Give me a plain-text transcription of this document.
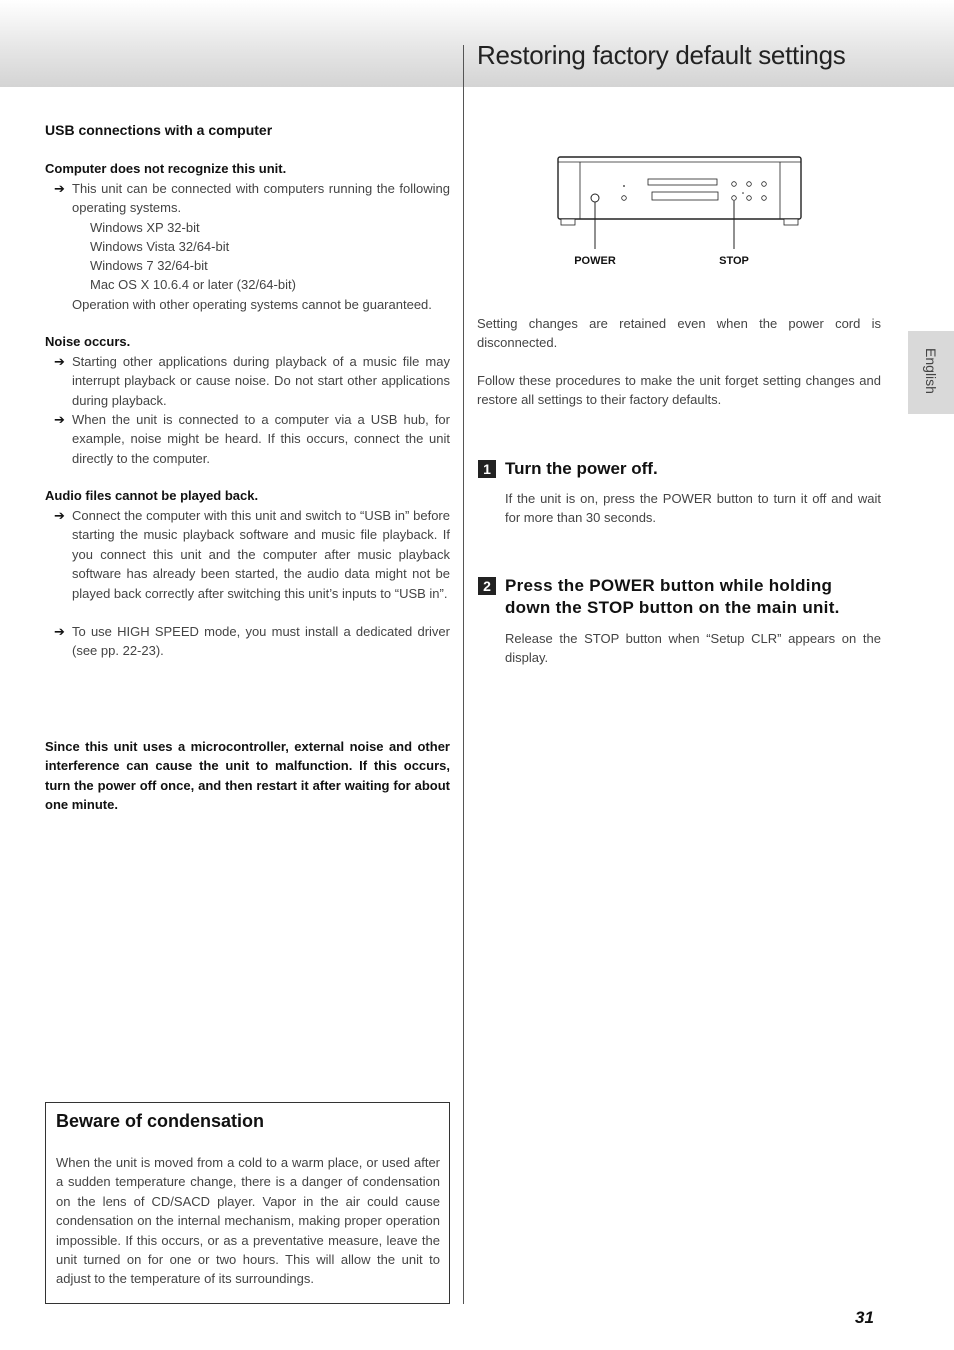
Restoring factory default settings
English
USB connections with a computer
Computer does not recognize this unit.
➔ This unit can be connected with computers running the following operating systems.
Windows XP 32-bit
Windows Vista 32/64-bit
Windows 7 32/64-bit
Mac OS X 10.6.4 or later (32/64-bit)
Operation with other operating systems cannot be guaranteed.
Noise occurs.
➔ Starting other applications during playback of a music file may interrupt playback or cause noise. Do not start other applications during playback.
➔ When the unit is connected to a computer via a USB hub, for example, noise might be heard. If this occurs, connect the unit directly to the computer.
Audio files cannot be played back.
➔ Connect the computer with this unit and switch to “USB in” before starting the music playback software and music file playback. If you connect this unit and the computer after music playback software has already been started, the audio data might not be played back correctly after switching this unit’s inputs to “USB in”.
➔ To use HIGH SPEED mode, you must install a dedicated driver (see pp. 22-23).
Since this unit uses a microcontroller, external noise and other interference can cause the unit to malfunction. If this occurs, turn the power off once, and then restart it after waiting for about one minute.
Beware of condensation
When the unit is moved from a cold to a warm place, or used after a sudden temperature change, there is a danger of condensation on the lens of CD/SACD player. Vapor in the air could cause condensation on the internal mechanism, making proper operation impossible. If this occurs, or as a preventative measure, leave the unit turned on for one or two hours. This will allow the unit to adjust to the temperature of its surroundings.
POWER	STOP
Setting changes are retained even when the power cord is disconnected.
Follow these procedures to make the unit forget setting changes and restore all settings to their factory defaults.
1 Turn the power off.
If the unit is on, press the POWER button to turn it off and wait for more than 30 seconds.
2 Press the POWER button while holding down the STOP button on the main unit.
Release the STOP button when “Setup CLR” appears on the display.
31
